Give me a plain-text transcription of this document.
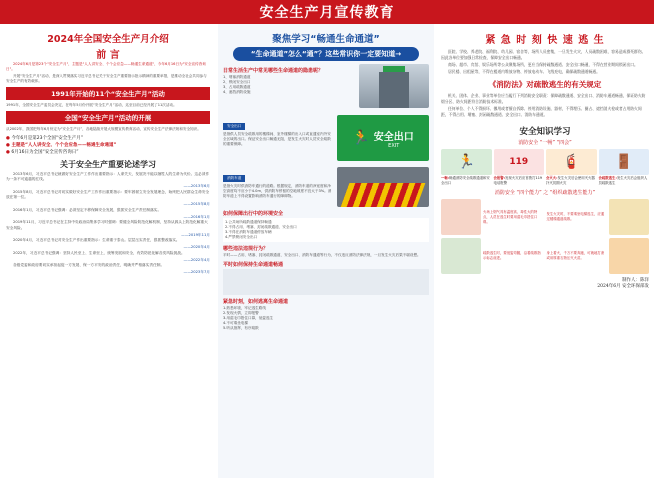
安全生产月宣传教育
2024年全国安全生产月介绍
前 言

2024年6月是第23个"安全生产月"，主题是"人人讲安全、个个会应急——畅通生命通道"，今年6月16日为"安全宣传咨询日"。

开展"安全生产月"活动，是深入贯彻落实习近平总书记关于安全生产重要指示批示精神的重要举措，是推动全社会共同参与安全生产的有效载体。

1991年开始的11个“安全生产月”活动
1991年，全国安全生产委员会决定，在每年5月份开展“安全生产月”活动，迄至目前已经开展了11次活动。
全国“安全生产月”活动的开展
从2002年，我国把每年6月份定为“安全生产月”，各地陆续开展大规模宣传教育活动，宣传安全生产法律法规和安全知识。
● 今年6月是第23个全国“安全生产月”
● 主题是“人人讲安全、个个会应急——畅通生命通道”
● 6月16日为全国“安全宣传咨询日”
关于安全生产重要论述学习

2013年6月，习近平总书记就做好安全生产工作作出重要指示：人命关天，发展决不能以牺牲人的生命为代价。这必须作为一条不可逾越的红线。

——2013年6月

2015年8月，习近平总书记对切实做好安全生产工作作出重要指示：要牢固树立安全发展理念，始终把人民群众生命安全放在第一位。

——2015年8月

2016年1月，习近平总书记强调：必须坚定不移保障安全发展，狠抓安全生产责任制落实。

——2016年1月

2019年11月，习近平总书记在主持中央政治局集体学习时强调：要健全风险防范化解机制，坚持从源头上防范化解重大安全风险。

——2019年11月

2020年4月，习近平总书记对安全生产作出重要指示：生命重于泰山。层层压实责任，狠抓整改落实。

——2020年4月

2022年，习近平总书记强调：坚持人民至上、生命至上，统筹发展和安全，有效防范化解各类风险挑战。

——2022年4月

各级党委和政府要切实承担起促一方发展、保一方平安的政治责任，明确并严格落实责任制。

——2023年7月
聚焦学习“畅通生命通道”
“生命通道”怎么“通”？这些常识你一定要知道→
日常生活生产中常见哪些生命通道的隐患呢？
1、堵塞消防通道
2、锁闭安全出口
3、占用疏散通道
4、遮挡消防设施
安全出口
是指供人员安全疏散用的楼梯间、室外楼梯的出入口或直通室内外安全区域的出口。保证安全出口畅通无阻，是发生火灾时人员安全疏散的重要保障。	🏃 安全出口
EXIT
消防车道
是指火灾时供消防车通行的道路。根据规定，消防车道的净宽度和净空高度均不应小于4.0m，供消防车停留的空地坡度不宜大于3%。消防车道上不得设置影响消防车通行的障碍物。
如何保障出行中的环境安全
1.公共场所疏散通道保持畅通
2.不得占用、堵塞、封闭疏散通道、安全出口
3.不得在消防车通道停放车辆
4.严禁锁闭安全出口
哪些违法违规行为？
平时——占用、堵塞、封闭疏散通道、安全出口、消防车通道等行为，不仅违反消防法律法规，一旦发生火灾后果不堪设想。
平时如何保持生命通道畅通
紧急时刻，如何逃离生命通道
1.熟悉环境，牢记逃生路线
2.发现火情，立即报警
3.用湿毛巾捂住口鼻，低姿逃生
4.不可乘坐电梯
5.听从指挥，有序疏散
紧 急 时 刻 快 速 逃 生

医院、学校、养老院、福利院、幼儿园、宿舍等，场所人员密集，一旦发生火灾，人员疏散困难，容易造成群死群伤。因此各单位要加强日常检查，保障安全出口畅通。

商场、超市、宾馆、娱乐场所等公众聚集场所，更应当保持疏散通道、安全出口畅通，不得在营业期间锁闭出口。

居民楼、出租屋等，不得在楼道内堆放杂物、停放电动车、飞线充电，确保疏散通道畅通。

《消防法》对疏散逃生的有关规定

机关、团体、企业、事业等单位应当履行下列消防安全职责：保障疏散通道、安全出口、消防车通道畅通，保证防火防烟分区、防火间距符合消防技术标准。

任何单位、个人不得损坏、挪用或者擅自拆除、停用消防设施、器材，不得埋压、圈占、遮挡消火栓或者占用防火间距，不得占用、堵塞、封闭疏散通道、安全出口、消防车通道。

安全知识学习
消防安全 “一畅” “四会”
🏃
一畅:畅通消防安全疏散通道和安全出口
119
会报警:发现火灾后应首拨打119电话报警
🧯
会灭火:发生火灾后会使用灭火器扑灭初期火灾
🚪
会疏散逃生:发生火灾后会组织人员疏散逃生
消防安全 “四个能力” 之 “组织疏散逃生能力”
火场上烟气具有温度高、毒性大的特点，人员在逃生时要用湿毛巾捂住口鼻。
发生火灾时，不要乘坐电梯逃生，应通过楼梯通道疏散。
疏散逃生时，要低姿弯腰，沿着疏散指示标志前进。
身上着火，千万不要奔跑，可就地打滚或用厚重衣物压灭火苗。
制作人：陈洋
2024年6月 安全环保部发
